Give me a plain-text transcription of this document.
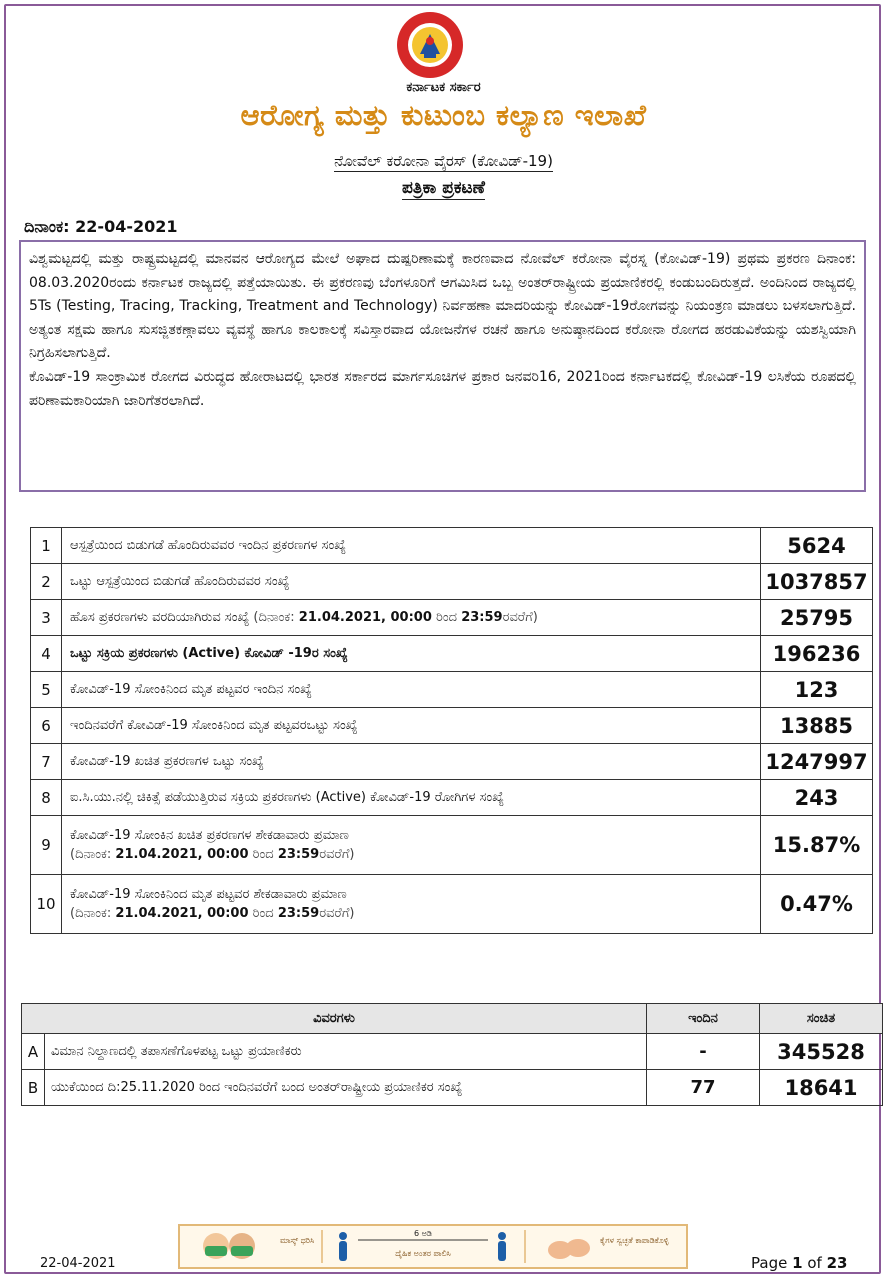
ಕರ್ನಾಟಕ ಸರ್ಕಾರ
ಆರೋಗ್ಯ ಮತ್ತು ಕುಟುಂಬ ಕಲ್ಯಾಣ ಇಲಾಖೆ
ನೋವೆಲ್ ಕರೋನಾ ವೈರಸ್ (ಕೋವಿಡ್-19)
ಪತ್ರಿಕಾ ಪ್ರಕಟಣೆ
ದಿನಾಂಕ: 22-04-2021

ವಿಶ್ವಮಟ್ಟದಲ್ಲಿ ಮತ್ತು ರಾಷ್ಟ್ರಮಟ್ಟದಲ್ಲಿ ಮಾನವನ ಆರೋಗ್ಯದ ಮೇಲೆ ಅಘಾದ ದುಷ್ಪರಿಣಾಮಕ್ಕೆ ಕಾರಣವಾದ ನೋವೆಲ್ ಕರೋನಾ ವೈರಸ್ನ (ಕೋವಿಡ್-19) ಪ್ರಥಮ ಪ್ರಕರಣ ದಿನಾಂಕ: 08.03.2020ರಂದು ಕರ್ನಾಟಕ ರಾಜ್ಯದಲ್ಲಿ ಪತ್ತೆಯಾಯಿತು. ಈ ಪ್ರಕರಣವು ಬೆಂಗಳೂರಿಗೆ ಆಗಮಿಸಿದ ಒಬ್ಬ ಅಂತರ್‌ರಾಷ್ಟ್ರೀಯ ಪ್ರಯಾಣಿಕರಲ್ಲಿ ಕಂಡುಬಂದಿರುತ್ತದೆ. ಅಂದಿನಿಂದ ರಾಜ್ಯದಲ್ಲಿ 5Ts (Testing, Tracing, Tracking, Treatment and Technology) ನಿರ್ವಹಣಾ ಮಾದರಿಯನ್ನು ಕೋವಿಡ್-19ರೋಗವನ್ನು ನಿಯಂತ್ರಣ ಮಾಡಲು ಬಳಸಲಾಗುತ್ತಿದೆ. ಅತ್ಯಂತ ಸಕ್ಷಮ ಹಾಗೂ ಸುಸಜ್ಜಿತಕಣ್ಗಾವಲು ವ್ಯವಸ್ಥೆ ಹಾಗೂ ಕಾಲಕಾಲಕ್ಕೆ ಸವಿಸ್ತಾರವಾದ ಯೋಜನೆಗಳ ರಚನೆ ಹಾಗೂ ಅನುಷ್ಠಾನದಿಂದ ಕರೋನಾ ರೋಗದ ಹರಡುವಿಕೆಯನ್ನು ಯಶಸ್ವಿಯಾಗಿ ನಿಗ್ರಹಿಸಲಾಗುತ್ತಿದೆ.

ಕೊವಿಡ್-19 ಸಾಂಕ್ರಾಮಿಕ ರೋಗದ ವಿರುದ್ಧದ ಹೋರಾಟದಲ್ಲಿ ಭಾರತ ಸರ್ಕಾರದ ಮಾರ್ಗಸೂಚಿಗಳ ಪ್ರಕಾರ ಜನವರಿ16, 2021ರಿಂದ ಕರ್ನಾಟಕದಲ್ಲಿ ಕೋವಿಡ್-19 ಲಸಿಕೆಯ ರೂಪದಲ್ಲಿ ಪರಿಣಾಮಕಾರಿಯಾಗಿ ಜಾರಿಗೆತರಲಾಗಿದೆ.

1	ಆಸ್ಪತ್ರೆಯಿಂದ ಬಿಡುಗಡೆ ಹೊಂದಿರುವವರ ಇಂದಿನ ಪ್ರಕರಣಗಳ ಸಂಖ್ಯೆ	5624
2	ಒಟ್ಟು ಆಸ್ಪತ್ರೆಯಿಂದ ಬಿಡುಗಡೆ ಹೊಂದಿರುವವರ ಸಂಖ್ಯೆ	1037857
3	ಹೊಸ ಪ್ರಕರಣಗಳು ವರದಿಯಾಗಿರುವ ಸಂಖ್ಯೆ (ದಿನಾಂಕ: 21.04.2021, 00:00 ರಿಂದ 23:59ರವರೆಗೆ)	25795
4	ಒಟ್ಟು ಸಕ್ರಿಯ ಪ್ರಕರಣಗಳು (Active) ಕೋವಿಡ್ -19ರ ಸಂಖ್ಯೆ	196236
5	ಕೋವಿಡ್-19 ಸೋಂಕಿನಿಂದ ಮೃತ ಪಟ್ಟವರ ಇಂದಿನ ಸಂಖ್ಯೆ	123
6	ಇಂದಿನವರೆಗೆ ಕೋವಿಡ್-19 ಸೋಂಕಿನಿಂದ ಮೃತ ಪಟ್ಟವರಒಟ್ಟು ಸಂಖ್ಯೆ	13885
7	ಕೋವಿಡ್-19 ಖಚಿತ ಪ್ರಕರಣಗಳ ಒಟ್ಟು ಸಂಖ್ಯೆ	1247997
8	ಐ.ಸಿ.ಯು.ನಲ್ಲಿ ಚಿಕಿತ್ಸೆ ಪಡೆಯುತ್ತಿರುವ ಸಕ್ರಿಯ ಪ್ರಕರಣಗಳು (Active) ಕೋವಿಡ್-19 ರೋಗಿಗಳ ಸಂಖ್ಯೆ	243
9	ಕೋವಿಡ್-19 ಸೋಂಕಿನ ಖಚಿತ ಪ್ರಕರಣಗಳ ಶೇಕಡಾವಾರು ಪ್ರಮಾಣ
(ದಿನಾಂಕ: 21.04.2021, 00:00 ರಿಂದ 23:59ರವರೆಗೆ)	15.87%
10	ಕೋವಿಡ್-19 ಸೋಂಕಿನಿಂದ ಮೃತ ಪಟ್ಟವರ ಶೇಕಡಾವಾರು ಪ್ರಮಾಣ
(ದಿನಾಂಕ: 21.04.2021, 00:00 ರಿಂದ 23:59ರವರೆಗೆ)	0.47%
ವಿವರಗಳು		ಇಂದಿನ	ಸಂಚಿತ
A	ವಿಮಾನ ನಿಲ್ದಾಣದಲ್ಲಿ ತಪಾಸಣೆಗೊಳಪಟ್ಟ ಒಟ್ಟು ಪ್ರಯಾಣಿಕರು	-	345528
B	ಯುಕೆಯಿಂದ ದಿ:25.11.2020 ರಿಂದ ಇಂದಿನವರೆಗೆ ಬಂದ ಅಂತರ್‌ರಾಷ್ಟ್ರೀಯ ಪ್ರಯಾಣಿಕರ ಸಂಖ್ಯೆ	77	18641
22-04-2021
ಮಾಸ್ಕ್ ಧರಿಸಿ
6 ಅಡಿ
ದೈಹಿಕ ಅಂತರ ಪಾಲಿಸಿ
ಕೈಗಳ ಸ್ವಚ್ಛತೆ ಕಾಪಾಡಿಕೊಳ್ಳಿ
Page 1 of 23
